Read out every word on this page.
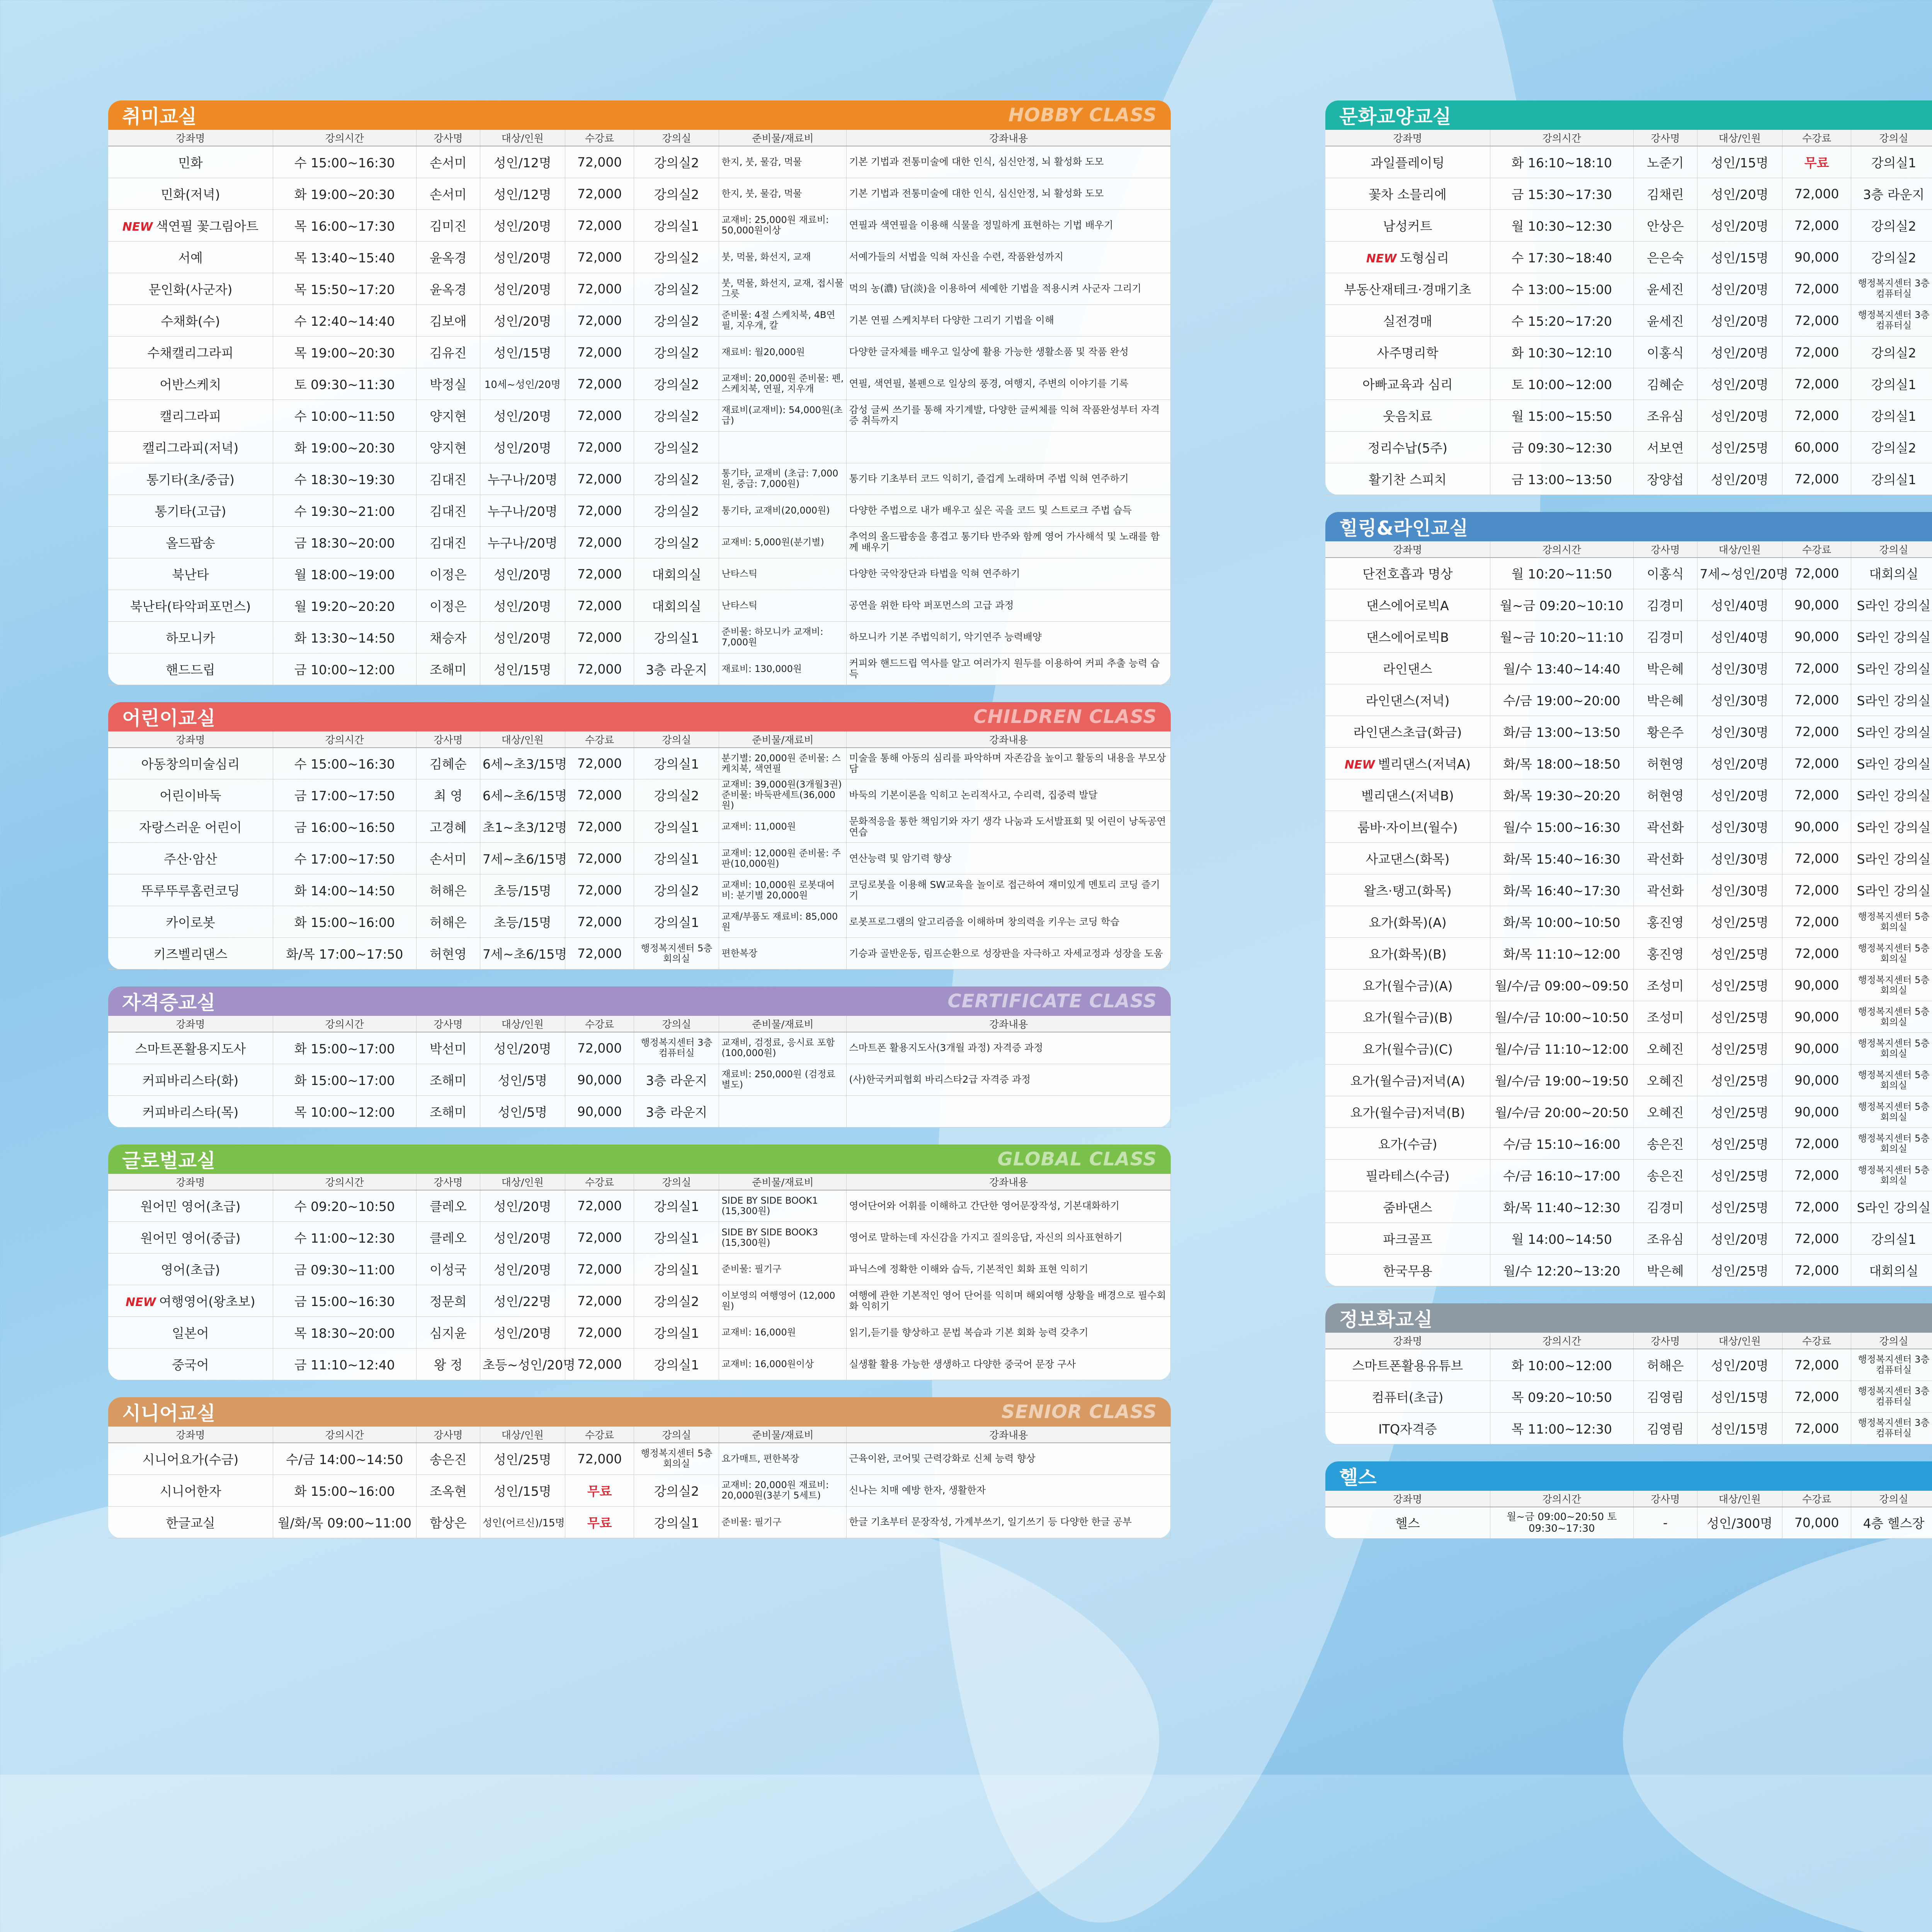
취미교실	HOBBY CLASS
강좌명	강의시간	강사명	대상/인원	수강료	강의실	준비물/재료비	강좌내용
민화	수 15:00~16:30	손서미	성인/12명	72,000	강의실2	한지, 붓, 물감, 먹물	기본 기법과 전통미술에 대한 인식, 심신안정, 뇌 활성화 도모
민화(저녁)	화 19:00~20:30	손서미	성인/12명	72,000	강의실2	한지, 붓, 물감, 먹물	기본 기법과 전통미술에 대한 인식, 심신안정, 뇌 활성화 도모
NEW 색연필 꽃그림아트	목 16:00~17:30	김미진	성인/20명	72,000	강의실1	교재비: 25,000원 재료비: 50,000원이상	연필과 색연필을 이용해 식물을 정밀하게 표현하는 기법 배우기
서예	목 13:40~15:40	윤옥경	성인/20명	72,000	강의실2	붓, 먹물, 화선지, 교재	서예가들의 서법을 익혀 자신을 수련, 작품완성까지
문인화(사군자)	목 15:50~17:20	윤옥경	성인/20명	72,000	강의실2	붓, 먹물, 화선지, 교재, 접시물그릇	먹의 농(濃) 담(淡)을 이용하여 세예한 기법을 적용시켜 사군자 그리기
수채화(수)	수 12:40~14:40	김보애	성인/20명	72,000	강의실2	준비물: 4절 스케치북, 4B연필, 지우개, 칼	기본 연필 스케치부터 다양한 그리기 기법을 이해
수채캘리그라피	목 19:00~20:30	김유진	성인/15명	72,000	강의실2	재료비: 월20,000원	다양한 글자체를 배우고 일상에 활용 가능한 생활소품 및 작품 완성
어반스케치	토 09:30~11:30	박정실	10세~성인/20명	72,000	강의실2	교재비: 20,000원 준비물: 펜, 스케치북, 연필, 지우개	연필, 색연필, 볼펜으로 일상의 풍경, 여행지, 주변의 이야기를 기록
캘리그라피	수 10:00~11:50	양지현	성인/20명	72,000	강의실2	재료비(교재비): 54,000원(초급)	감성 글씨 쓰기를 통해 자기계발, 다양한 글씨체를 익혀 작품완성부터 자격증 취득까지
캘리그라피(저녁)	화 19:00~20:30	양지현	성인/20명	72,000	강의실2		
통기타(초/중급)	수 18:30~19:30	김대진	누구나/20명	72,000	강의실2	통기타, 교재비 (초급: 7,000원, 중급: 7,000원)	통기타 기초부터 코드 익히기, 즐겁게 노래하며 주법 익혀 연주하기
통기타(고급)	수 19:30~21:00	김대진	누구나/20명	72,000	강의실2	통기타, 교재비(20,000원)	다양한 주법으로 내가 배우고 싶은 곡을 코드 및 스트로크 주법 습득
올드팝송	금 18:30~20:00	김대진	누구나/20명	72,000	강의실2	교재비: 5,000원(분기별)	추억의 올드팝송을 흥겹고 통기타 반주와 함께 영어 가사해석 및 노래를 함께 배우기
북난타	월 18:00~19:00	이정은	성인/20명	72,000	대회의실	난타스틱	다양한 국악장단과 타법을 익혀 연주하기
북난타(타악퍼포먼스)	월 19:20~20:20	이정은	성인/20명	72,000	대회의실	난타스틱	공연을 위한 타악 퍼포먼스의 고급 과정
하모니카	화 13:30~14:50	채승자	성인/20명	72,000	강의실1	준비물: 하모니카 교재비: 7,000원	하모니카 기본 주법익히기, 악기연주 능력배양
핸드드립	금 10:00~12:00	조해미	성인/15명	72,000	3층 라운지	재료비: 130,000원	커피와 핸드드립 역사를 알고 여러가지 원두를 이용하여 커피 추출 능력 습득
어린이교실	CHILDREN CLASS
강좌명	강의시간	강사명	대상/인원	수강료	강의실	준비물/재료비	강좌내용
아동창의미술심리	수 15:00~16:30	김혜순	6세~초3/15명	72,000	강의실1	분기별: 20,000원 준비물: 스케치북, 색연필	미술을 통해 아동의 심리를 파악하며 자존감을 높이고 활동의 내용을 부모상담
어린이바둑	금 17:00~17:50	최 영	6세~초6/15명	72,000	강의실2	교재비: 39,000원(3개월3권) 준비물: 바둑판세트(36,000원)	바둑의 기본이론을 익히고 논리적사고, 수리력, 집중력 발달
자랑스러운 어린이	금 16:00~16:50	고경혜	초1~초3/12명	72,000	강의실1	교재비: 11,000원	문화적응을 통한 책임기와 자기 생각 나눔과 도서발표회 및 어린이 낭독공연 연습
주산·암산	수 17:00~17:50	손서미	7세~초6/15명	72,000	강의실1	교재비: 12,000원 준비물: 주판(10,000원)	연산능력 및 암기력 향상
뚜루뚜루홈런코딩	화 14:00~14:50	허해은	초등/15명	72,000	강의실2	교재비: 10,000원 로봇대여비: 분기별 20,000원	코딩로봇을 이용해 SW교육을 놀이로 접근하여 재미있게 멘토리 코딩 즐기기
카이로봇	화 15:00~16:00	허해은	초등/15명	72,000	강의실1	교재/부품도 재료비: 85,000원	로봇프로그램의 알고리즘을 이해하며 창의력을 키우는 코딩 학습
키즈벨리댄스	화/목 17:00~17:50	허현영	7세~초6/15명	72,000	행정복지센터 5층 회의실	편한복장	기승과 골반운동, 림프순환으로 성장판을 자극하고 자세교정과 성장을 도움
자격증교실	CERTIFICATE CLASS
강좌명	강의시간	강사명	대상/인원	수강료	강의실	준비물/재료비	강좌내용
스마트폰활용지도사	화 15:00~17:00	박선미	성인/20명	72,000	행정복지센터 3층 컴퓨터실	교재비, 검정료, 응시료 포함(100,000원)	스마트폰 활용지도사(3개월 과정) 자격증 과정
커피바리스타(화)	화 15:00~17:00	조해미	성인/5명	90,000	3층 라운지	재료비: 250,000원 (검정료별도)	(사)한국커피협회 바리스타2급 자격증 과정
커피바리스타(목)	목 10:00~12:00	조해미	성인/5명	90,000	3층 라운지		
글로벌교실	GLOBAL CLASS
강좌명	강의시간	강사명	대상/인원	수강료	강의실	준비물/재료비	강좌내용
원어민 영어(초급)	수 09:20~10:50	클레오	성인/20명	72,000	강의실1	SIDE BY SIDE BOOK1 (15,300원)	영어단어와 어휘를 이해하고 간단한 영어문장작성, 기본대화하기
원어민 영어(중급)	수 11:00~12:30	클레오	성인/20명	72,000	강의실1	SIDE BY SIDE BOOK3 (15,300원)	영어로 말하는데 자신감을 가지고 질의응답, 자신의 의사표현하기
영어(초급)	금 09:30~11:00	이성국	성인/20명	72,000	강의실1	준비물: 필기구	파닉스에 정확한 이해와 습득, 기본적인 회화 표현 익히기
NEW 여행영어(왕초보)	금 15:00~16:30	정문희	성인/22명	72,000	강의실2	이보영의 여행영어 (12,000원)	여행에 관한 기본적인 영어 단어를 익히며 해외여행 상황을 배경으로 필수회화 익히기
일본어	목 18:30~20:00	심지윤	성인/20명	72,000	강의실1	교재비: 16,000원	읽기,듣기를 향상하고 문법 복습과 기본 회화 능력 갖추기
중국어	금 11:10~12:40	왕 정	초등~성인/20명	72,000	강의실1	교재비: 16,000원이상	실생활 활용 가능한 생생하고 다양한 중국어 문장 구사
시니어교실	SENIOR CLASS
강좌명	강의시간	강사명	대상/인원	수강료	강의실	준비물/재료비	강좌내용
시니어요가(수금)	수/금 14:00~14:50	송은진	성인/25명	72,000	행정복지센터 5층 회의실	요가매트, 편한복장	근육이완, 코어및 근력강화로 신체 능력 향상
시니어한자	화 15:00~16:00	조옥현	성인/15명	무료	강의실2	교재비: 20,000원 재료비: 20,000원(3분기 5세트)	신나는 치매 예방 한자, 생활한자
한글교실	월/화/목 09:00~11:00	함상은	성인(어르신)/15명	무료	강의실1	준비물: 필기구	한글 기초부터 문장작성, 가계부쓰기, 일기쓰기 등 다양한 한글 공부
문화교양교실
강좌명	강의시간	강사명	대상/인원	수강료	강의실		
과일플레이팅	화 16:10~18:10	노준기	성인/15명	무료	강의실1		
꽃차 소믈리에	금 15:30~17:30	김채린	성인/20명	72,000	3층 라운지		
남성커트	월 10:30~12:30	안상은	성인/20명	72,000	강의실2		
NEW 도형심리	수 17:30~18:40	은은숙	성인/15명	90,000	강의실2		
부동산재테크·경매기초	수 13:00~15:00	윤세진	성인/20명	72,000	행정복지센터 3층 컴퓨터실		
실전경매	수 15:20~17:20	윤세진	성인/20명	72,000	행정복지센터 3층 컴퓨터실		
사주명리학	화 10:30~12:10	이홍식	성인/20명	72,000	강의실2		
아빠교육과 심리	토 10:00~12:00	김혜순	성인/20명	72,000	강의실1		
웃음치료	월 15:00~15:50	조유심	성인/20명	72,000	강의실1		
정리수납(5주)	금 09:30~12:30	서보연	성인/25명	60,000	강의실2		
활기찬 스피치	금 13:00~13:50	장양섭	성인/20명	72,000	강의실1		
힐링&라인교실
강좌명	강의시간	강사명	대상/인원	수강료	강의실		
단전호흡과 명상	월 10:20~11:50	이홍식	7세~성인/20명	72,000	대회의실		
댄스에어로빅A	월~금 09:20~10:10	김경미	성인/40명	90,000	S라인 강의실		
댄스에어로빅B	월~금 10:20~11:10	김경미	성인/40명	90,000	S라인 강의실		
라인댄스	월/수 13:40~14:40	박은혜	성인/30명	72,000	S라인 강의실		
라인댄스(저녁)	수/금 19:00~20:00	박은혜	성인/30명	72,000	S라인 강의실		
라인댄스초급(화금)	화/금 13:00~13:50	황은주	성인/30명	72,000	S라인 강의실		
NEW 벨리댄스(저녁A)	화/목 18:00~18:50	허현영	성인/20명	72,000	S라인 강의실		
벨리댄스(저녁B)	화/목 19:30~20:20	허현영	성인/20명	72,000	S라인 강의실		
룸바·자이브(월수)	월/수 15:00~16:30	곽선화	성인/30명	90,000	S라인 강의실		
사교댄스(화목)	화/목 15:40~16:30	곽선화	성인/30명	72,000	S라인 강의실		
왈츠·탱고(화목)	화/목 16:40~17:30	곽선화	성인/30명	72,000	S라인 강의실		
요가(화목)(A)	화/목 10:00~10:50	홍진영	성인/25명	72,000	행정복지센터 5층 회의실		
요가(화목)(B)	화/목 11:10~12:00	홍진영	성인/25명	72,000	행정복지센터 5층 회의실		
요가(월수금)(A)	월/수/금 09:00~09:50	조성미	성인/25명	90,000	행정복지센터 5층 회의실		
요가(월수금)(B)	월/수/금 10:00~10:50	조성미	성인/25명	90,000	행정복지센터 5층 회의실		
요가(월수금)(C)	월/수/금 11:10~12:00	오혜진	성인/25명	90,000	행정복지센터 5층 회의실		
요가(월수금)저녁(A)	월/수/금 19:00~19:50	오혜진	성인/25명	90,000	행정복지센터 5층 회의실		
요가(월수금)저녁(B)	월/수/금 20:00~20:50	오혜진	성인/25명	90,000	행정복지센터 5층 회의실		
요가(수금)	수/금 15:10~16:00	송은진	성인/25명	72,000	행정복지센터 5층 회의실		
필라테스(수금)	수/금 16:10~17:00	송은진	성인/25명	72,000	행정복지센터 5층 회의실		
줌바댄스	화/목 11:40~12:30	김경미	성인/25명	72,000	S라인 강의실		
파크골프	월 14:00~14:50	조유심	성인/20명	72,000	강의실1		
한국무용	월/수 12:20~13:20	박은혜	성인/25명	72,000	대회의실		
정보화교실
강좌명	강의시간	강사명	대상/인원	수강료	강의실		
스마트폰활용유튜브	화 10:00~12:00	허해은	성인/20명	72,000	행정복지센터 3층 컴퓨터실		
컴퓨터(초급)	목 09:20~10:50	김영림	성인/15명	72,000	행정복지센터 3층 컴퓨터실		
ITQ자격증	목 11:00~12:30	김영림	성인/15명	72,000	행정복지센터 3층 컴퓨터실		
헬스
강좌명	강의시간	강사명	대상/인원	수강료	강의실		
헬스	월~금 09:00~20:50 토 09:30~17:30	-	성인/300명	70,000	4층 헬스장		
